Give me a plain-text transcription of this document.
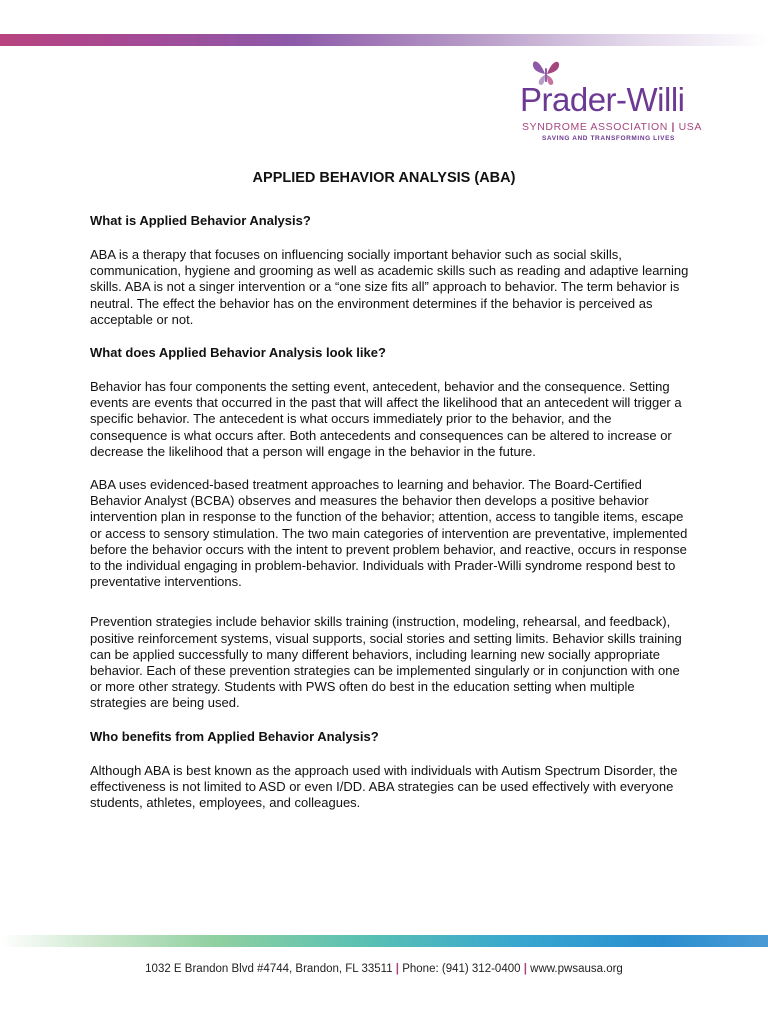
Prader-Willi
SYNDROME ASSOCIATION | USA
SAVING AND TRANSFORMING LIVES
APPLIED BEHAVIOR ANALYSIS (ABA)
What is Applied Behavior Analysis?
ABA is a therapy that focuses on influencing socially important behavior such as social skills, communication, hygiene and grooming as well as academic skills such as reading and adaptive learning skills. ABA is not a singer intervention or a “one size fits all” approach to behavior. The term behavior is neutral. The effect the behavior has on the environment determines if the behavior is perceived as acceptable or not.
What does Applied Behavior Analysis look like?
Behavior has four components the setting event, antecedent, behavior and the consequence. Setting events are events that occurred in the past that will affect the likelihood that an antecedent will trigger a specific behavior. The antecedent is what occurs immediately prior to the behavior, and the consequence is what occurs after. Both antecedents and consequences can be altered to increase or decrease the likelihood that a person will engage in the behavior in the future.
ABA uses evidenced-based treatment approaches to learning and behavior. The Board-Certified Behavior Analyst (BCBA) observes and measures the behavior then develops a positive behavior intervention plan in response to the function of the behavior; attention, access to tangible items, escape or access to sensory stimulation. The two main categories of intervention are preventative, implemented before the behavior occurs with the intent to prevent problem behavior, and reactive, occurs in response to the individual engaging in problem-behavior. Individuals with Prader-Willi syndrome respond best to preventative interventions.
Prevention strategies include behavior skills training (instruction, modeling, rehearsal, and feedback), positive reinforcement systems, visual supports, social stories and setting limits. Behavior skills training can be applied successfully to many different behaviors, including learning new socially appropriate behavior. Each of these prevention strategies can be implemented singularly or in conjunction with one or more other strategy. Students with PWS often do best in the education setting when multiple strategies are being used.
Who benefits from Applied Behavior Analysis?
Although ABA is best known as the approach used with individuals with Autism Spectrum Disorder, the effectiveness is not limited to ASD or even I/DD. ABA strategies can be used effectively with everyone students, athletes, employees, and colleagues.
1032 E Brandon Blvd #4744, Brandon, FL 33511 | Phone: (941) 312-0400 | www.pwsausa.org
